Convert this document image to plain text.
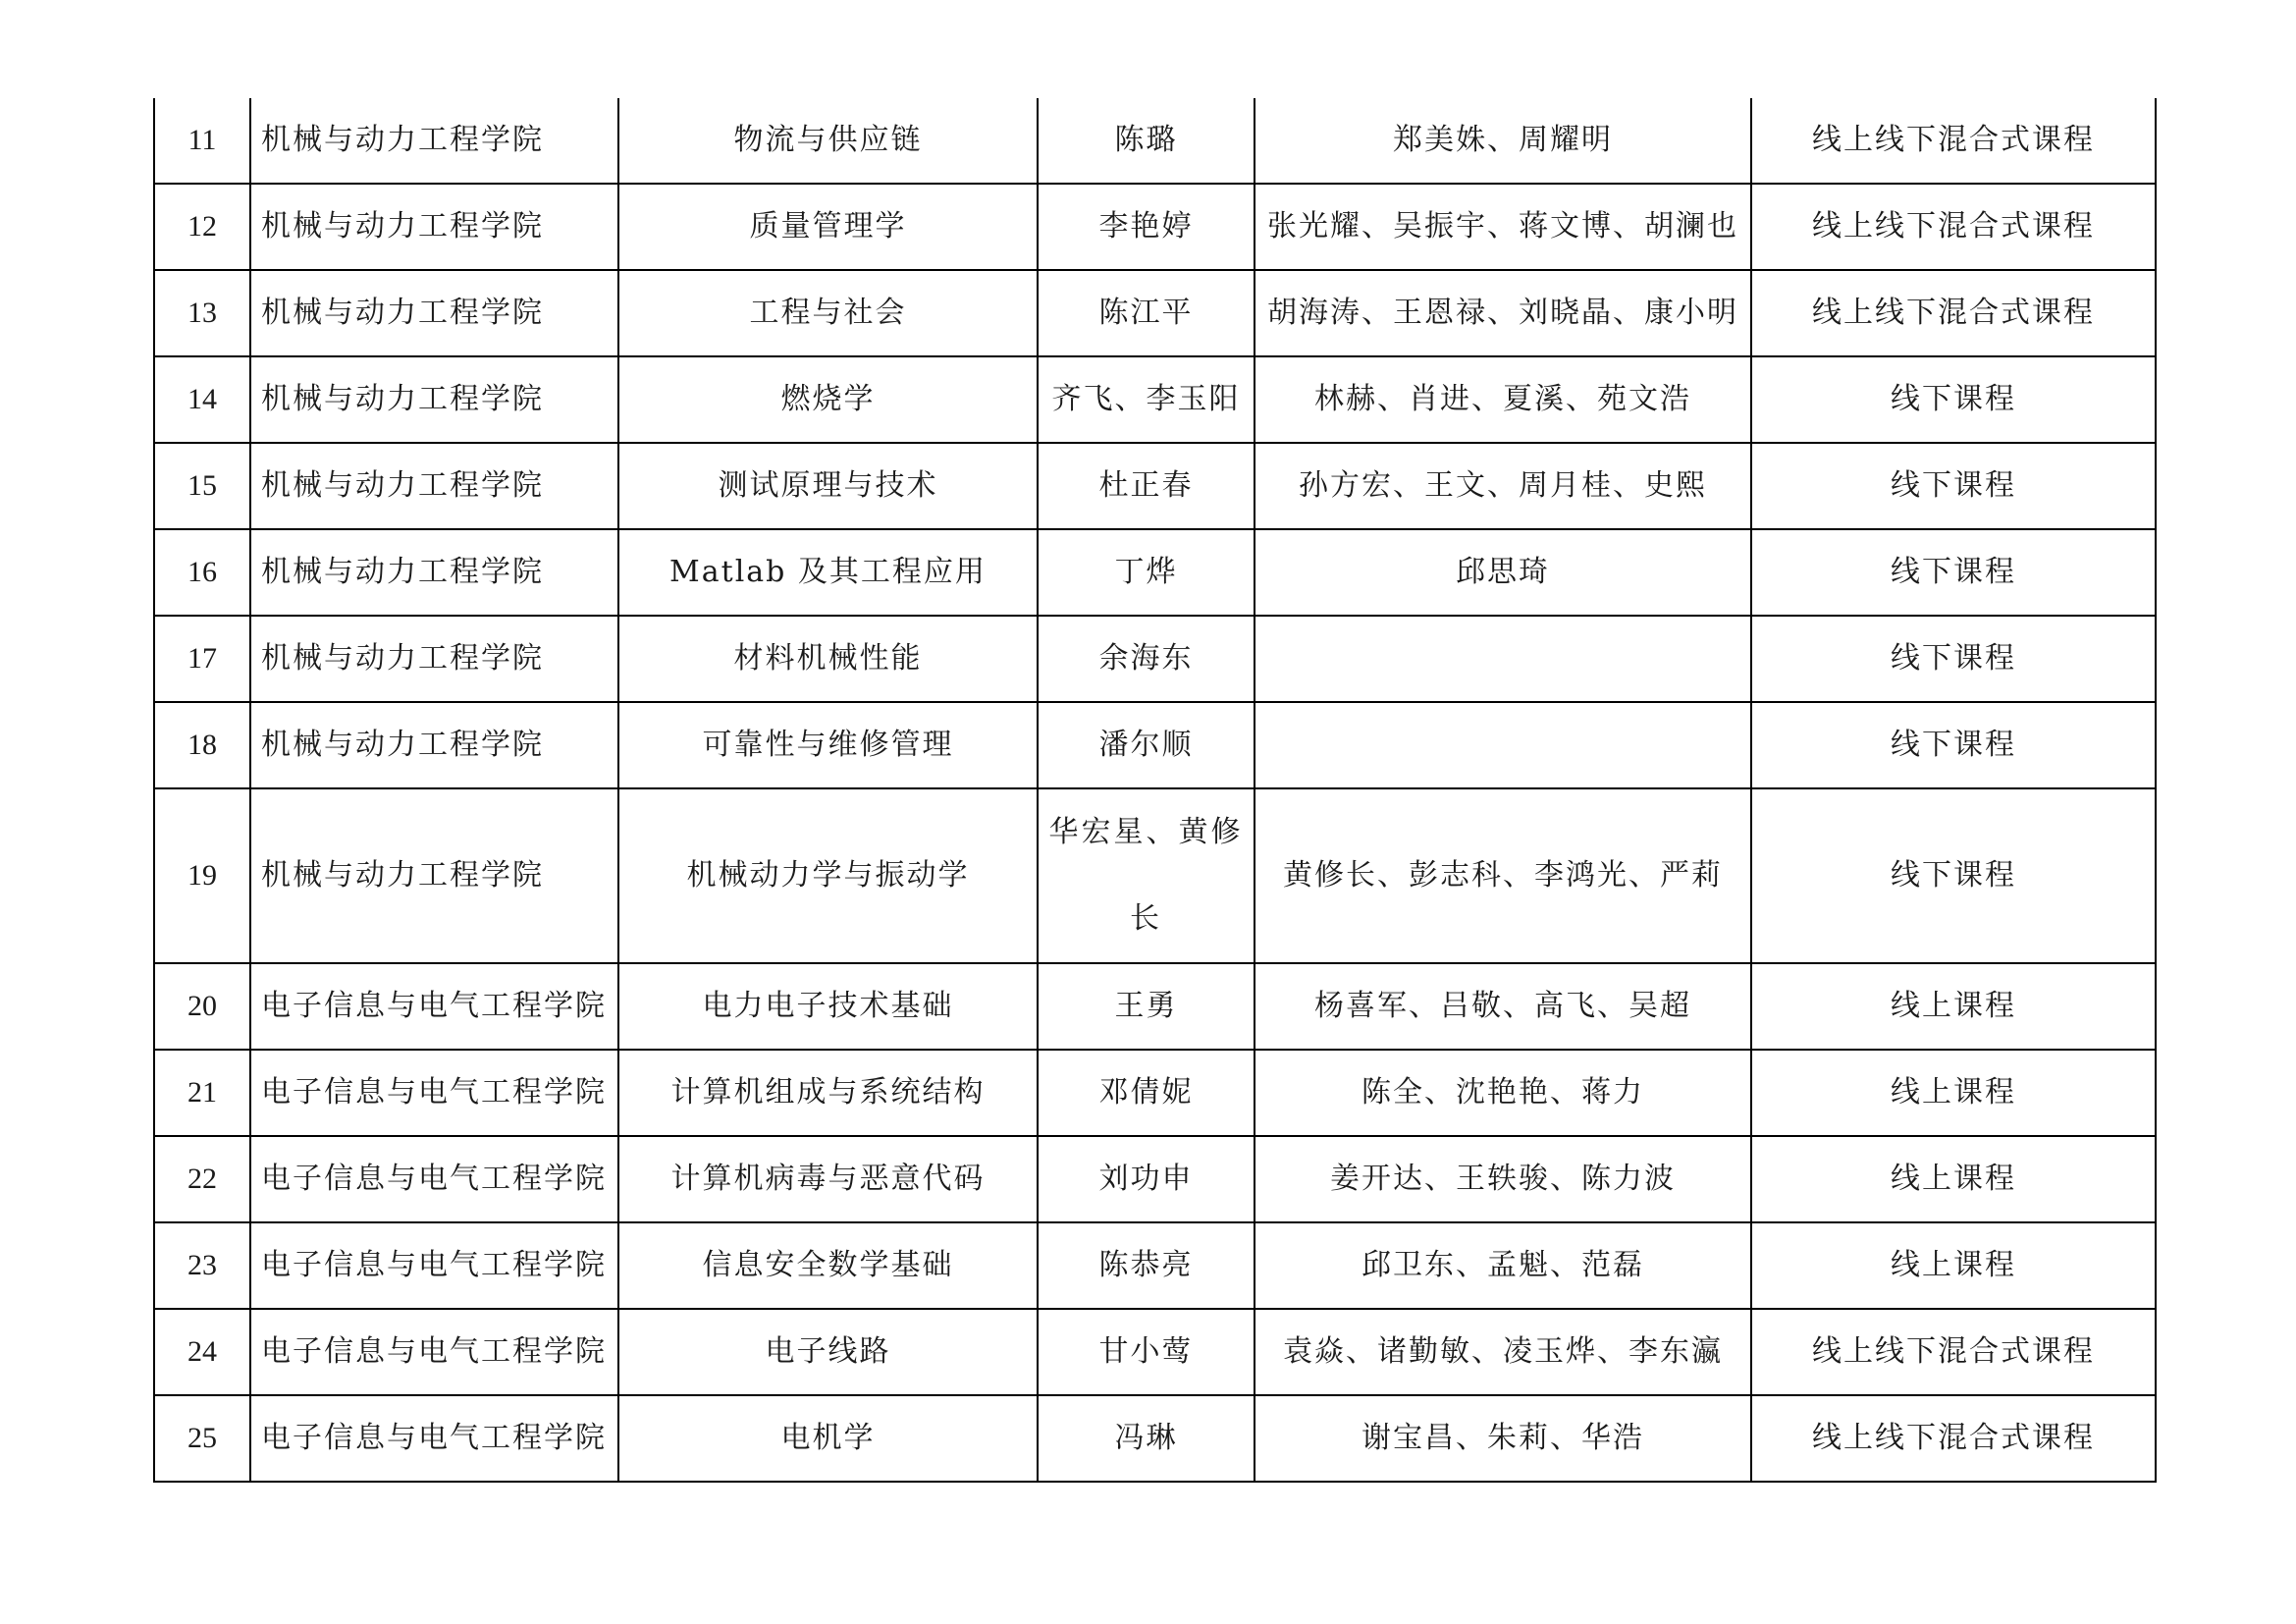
11	机械与动力工程学院	物流与供应链	陈璐	郑美姝、周耀明	线上线下混合式课程
12	机械与动力工程学院	质量管理学	李艳婷	张光耀、吴振宇、蒋文博、胡澜也	线上线下混合式课程
13	机械与动力工程学院	工程与社会	陈江平	胡海涛、王恩禄、刘晓晶、康小明	线上线下混合式课程
14	机械与动力工程学院	燃烧学	齐飞、李玉阳	林赫、肖进、夏溪、苑文浩	线下课程
15	机械与动力工程学院	测试原理与技术	杜正春	孙方宏、王文、周月桂、史熙	线下课程
16	机械与动力工程学院	Matlab 及其工程应用	丁烨	邱思琦	线下课程
17	机械与动力工程学院	材料机械性能	余海东		线下课程
18	机械与动力工程学院	可靠性与维修管理	潘尔顺		线下课程
19	机械与动力工程学院	机械动力学与振动学	华宏星、黄修长	黄修长、彭志科、李鸿光、严莉	线下课程
20	电子信息与电气工程学院	电力电子技术基础	王勇	杨喜军、吕敬、高飞、吴超	线上课程
21	电子信息与电气工程学院	计算机组成与系统结构	邓倩妮	陈全、沈艳艳、蒋力	线上课程
22	电子信息与电气工程学院	计算机病毒与恶意代码	刘功申	姜开达、王轶骏、陈力波	线上课程
23	电子信息与电气工程学院	信息安全数学基础	陈恭亮	邱卫东、孟魁、范磊	线上课程
24	电子信息与电气工程学院	电子线路	甘小莺	袁焱、诸勤敏、凌玉烨、李东瀛	线上线下混合式课程
25	电子信息与电气工程学院	电机学	冯琳	谢宝昌、朱莉、华浩	线上线下混合式课程
